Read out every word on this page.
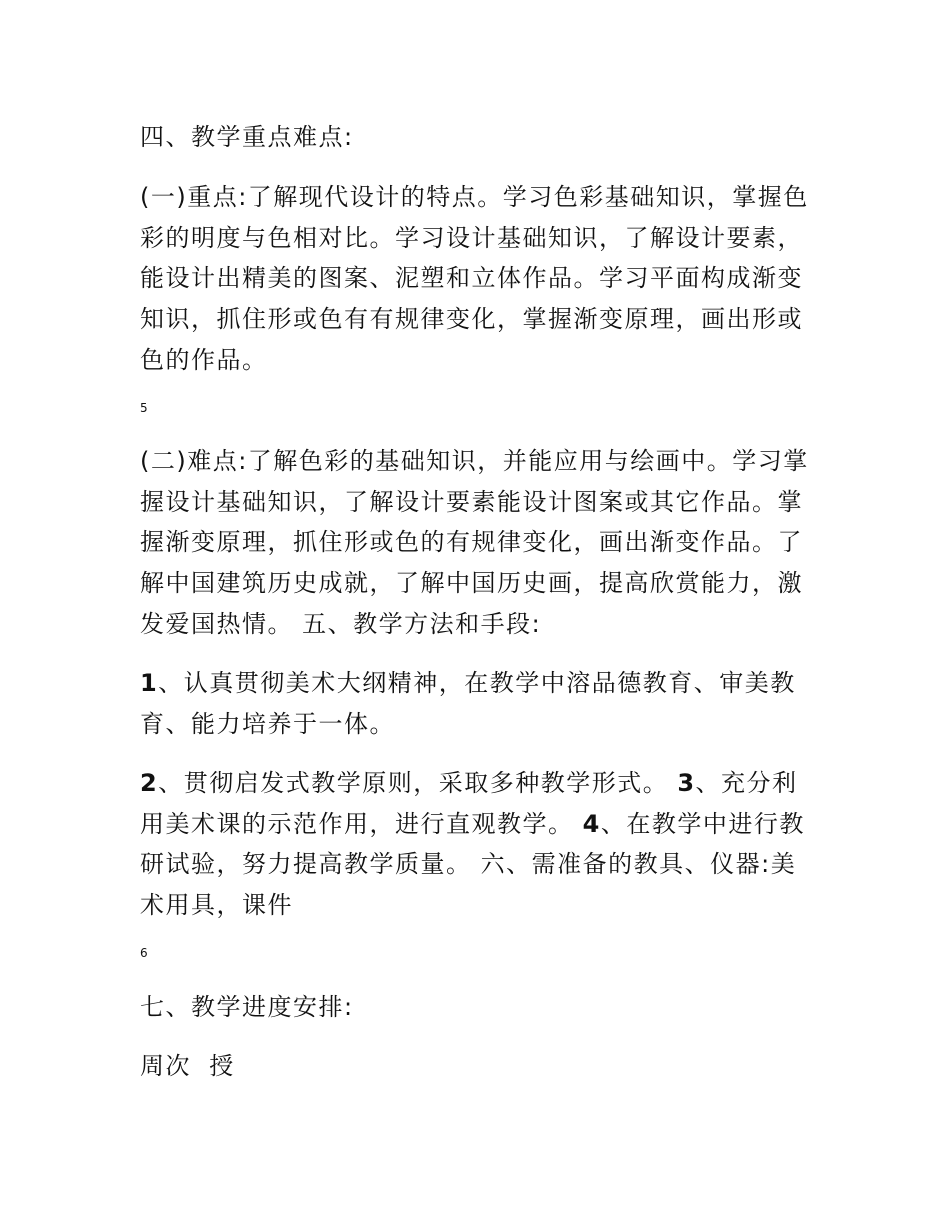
四、教学重点难点:

(一)重点:了解现代设计的特点。学习色彩基础知识，掌握色彩的明度与色相对比。学习设计基础知识，了解设计要素，能设计出精美的图案、泥塑和立体作品。学习平面构成渐变知识，抓住形或色有有规律变化，掌握渐变原理，画出形或色的作品。

5

(二)难点:了解色彩的基础知识，并能应用与绘画中。学习掌握设计基础知识，了解设计要素能设计图案或其它作品。掌握渐变原理，抓住形或色的有规律变化，画出渐变作品。了解中国建筑历史成就，了解中国历史画，提高欣赏能力，激发爱国热情。 五、教学方法和手段:

1、认真贯彻美术大纲精神，在教学中溶品德教育、审美教育、能力培养于一体。

2、贯彻启发式教学原则，采取多种教学形式。 3、充分利用美术课的示范作用，进行直观教学。 4、在教学中进行教研试验，努力提高教学质量。 六、需准备的教具、仪器:美术用具，课件

6

七、教学进度安排:

周次  授
